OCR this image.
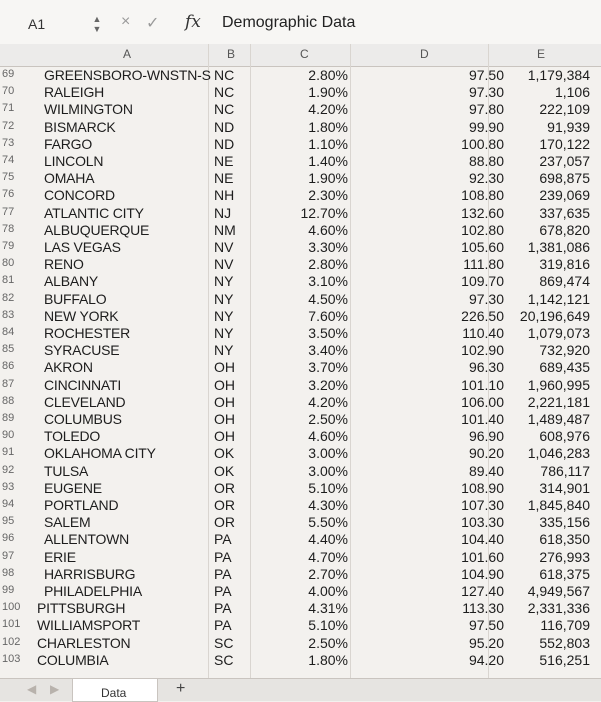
A1	▲▼ × ✓ fx Demographic Data
A	B	C	D	E
69 GREENSBORO-WNSTN-S NC	2.80%	97.50 1,179,384
70 RALEIGH	NC	1.90%	97.30	1,106
71 WILMINGTON	NC	4.20%	97.80	222,109
72 BISMARCK	ND	1.80%	99.90	91,939
73 FARGO	ND	1.10%	100.80	170,122
74 LINCOLN	NE	1.40%	88.80	237,057
75 OMAHA	NE	1.90%	92.30	698,875
76 CONCORD	NH	2.30%	108.80	239,069
77 ATLANTIC CITY	NJ	12.70%	132.60	337,635
78 ALBUQUERQUE	NM	4.60%	102.80	678,820
79 LAS VEGAS	NV	3.30%	105.60 1,381,086
80 RENO	NV	2.80%	111.80	319,816
81 ALBANY	NY	3.10%	109.70	869,474
82 BUFFALO	NY	4.50%	97.30 1,142,121
83 NEW YORK	NY	7.60%	226.50 20,196,649
84 ROCHESTER	NY	3.50%	110.40 1,079,073
85 SYRACUSE	NY	3.40%	102.90	732,920
86 AKRON	OH	3.70%	96.30	689,435
87 CINCINNATI	OH	3.20%	101.10 1,960,995
88 CLEVELAND	OH	4.20%	106.00 2,221,181
89 COLUMBUS	OH	2.50%	101.40 1,489,487
90 TOLEDO	OH	4.60%	96.90	608,976
91 OKLAHOMA CITY	OK	3.00%	90.20 1,046,283
92 TULSA	OK	3.00%	89.40	786,117
93 EUGENE	OR	5.10%	108.90	314,901
94 PORTLAND	OR	4.30%	107.30 1,845,840
95 SALEM	OR	5.50%	103.30	335,156
96 ALLENTOWN	PA	4.40%	104.40	618,350
97 ERIE	PA	4.70%	101.60	276,993
98 HARRISBURG	PA	2.70%	104.90	618,375
99 PHILADELPHIA	PA	4.00%	127.40 4,949,567
100 PITTSBURGH	PA	4.31%	113.30 2,331,336
101 WILLIAMSPORT	PA	5.10%	97.50	116,709
102 CHARLESTON	SC	2.50%	95.20	552,803
103 COLUMBIA	SC	1.80%	94.20	516,251
◀ ▶	Data	+
